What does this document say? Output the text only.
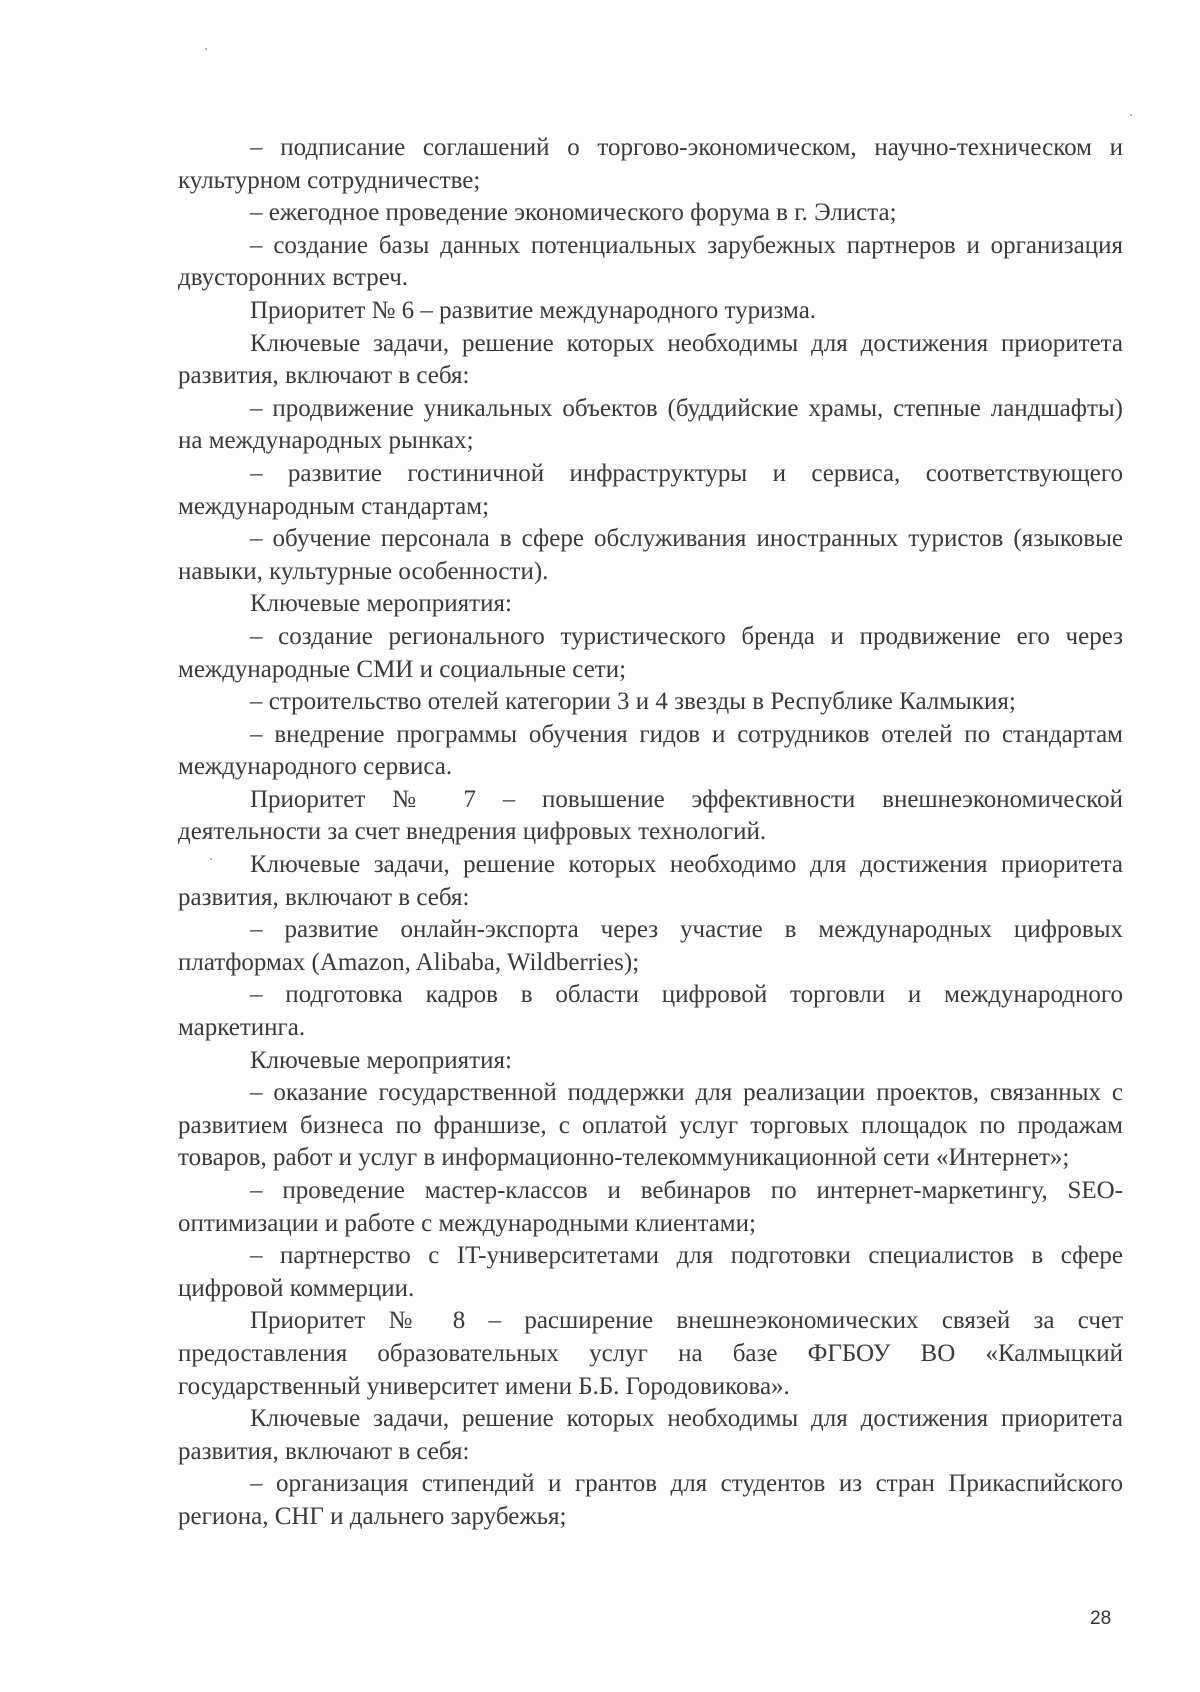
– подписание соглашений о торгово-экономическом, научно-техническом и культурном сотрудничестве;

– ежегодное проведение экономического форума в г. Элиста;

– создание базы данных потенциальных зарубежных партнеров и организация двусторонних встреч.

Приоритет № 6 – развитие международного туризма.

Ключевые задачи, решение которых необходимы для достижения приоритета развития, включают в себя:

– продвижение уникальных объектов (буддийские храмы, степные ландшафты) на международных рынках;

– развитие гостиничной инфраструктуры и сервиса, соответствующего международным стандартам;

– обучение персонала в сфере обслуживания иностранных туристов (языковые навыки, культурные особенности).

Ключевые мероприятия:

– создание регионального туристического бренда и продвижение его через международные СМИ и социальные сети;

– строительство отелей категории 3 и 4 звезды в Республике Калмыкия;

– внедрение программы обучения гидов и сотрудников отелей по стандартам международного сервиса.

Приоритет № 7 – повышение эффективности внешнеэкономической деятельности за счет внедрения цифровых технологий.

Ключевые задачи, решение которых необходимо для достижения приоритета развития, включают в себя:

– развитие онлайн-экспорта через участие в международных цифровых платформах (Amazon, Alibaba, Wildberries);

– подготовка кадров в области цифровой торговли и международного маркетинга.

Ключевые мероприятия:

– оказание государственной поддержки для реализации проектов, связанных с развитием бизнеса по франшизе, с оплатой услуг торговых площадок по продажам товаров, работ и услуг в информационно-телекоммуникационной сети «Интернет»;

– проведение мастер-классов и вебинаров по интернет-маркетингу, SEO-оптимизации и работе с международными клиентами;

– партнерство с IT-университетами для подготовки специалистов в сфере цифровой коммерции.

Приоритет № 8 – расширение внешнеэкономических связей за счет предоставления образовательных услуг на базе ФГБОУ ВО «Калмыцкий государственный университет имени Б.Б. Городовикова».

Ключевые задачи, решение которых необходимы для достижения приоритета развития, включают в себя:

– организация стипендий и грантов для студентов из стран Прикаспийского региона, СНГ и дальнего зарубежья;

28
